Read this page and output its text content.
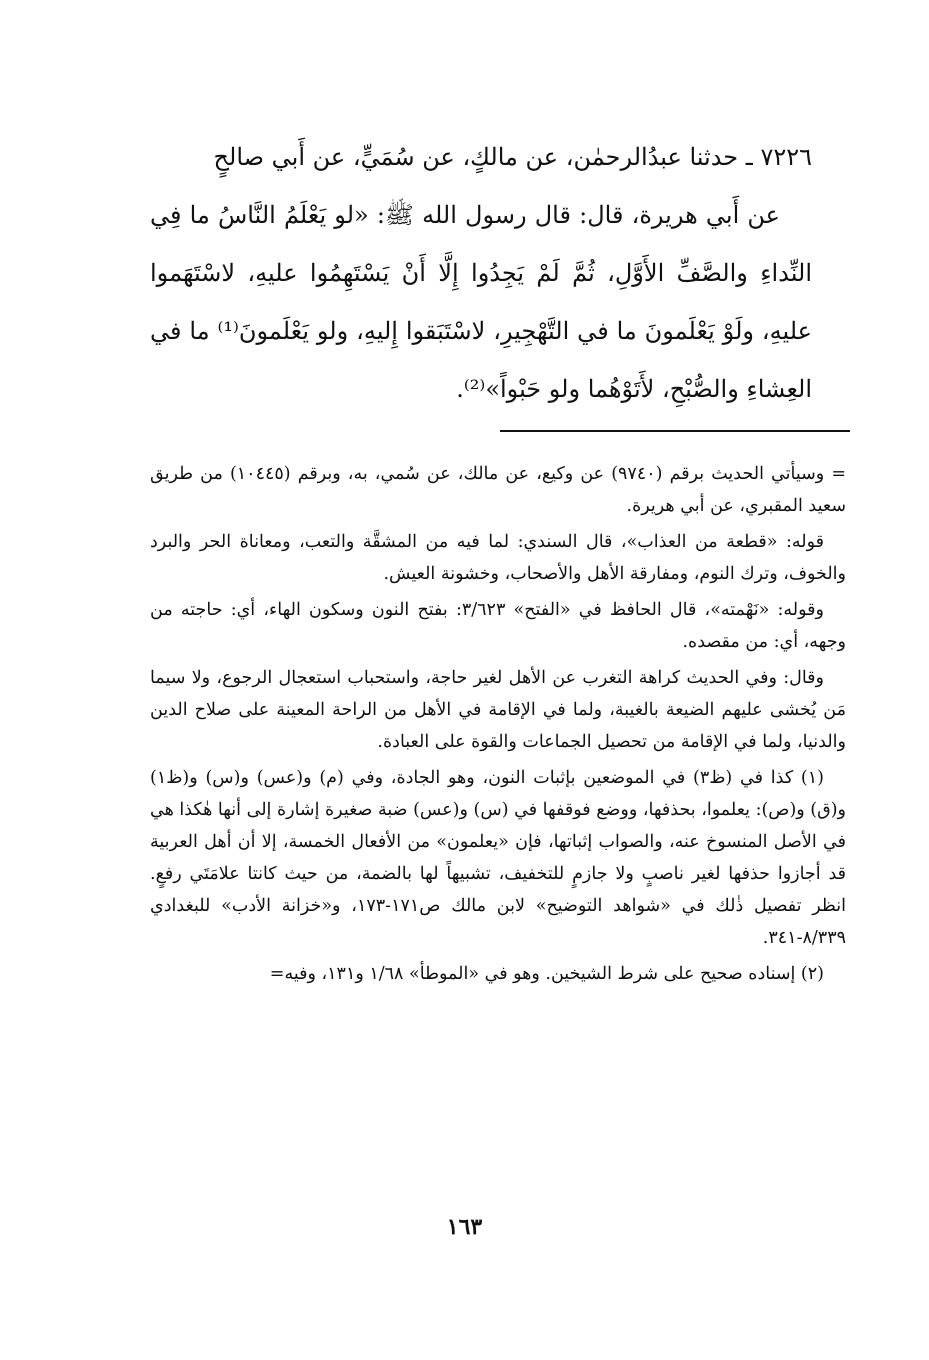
٧٢٢٦ ـ حدثنا عبدُالرحمٰن، عن مالكٍ، عن سُمَيٍّ، عن أَبي صالحٍ

عن أَبي هريرة، قال: قال رسول الله ﷺ: «لو يَعْلَمُ النَّاسُ ما فِي النِّداءِ والصَّفِّ الأَوَّلِ، ثُمَّ لَمْ يَجِدُوا إِلَّا أَنْ يَسْتَهِمُوا عليهِ، لاسْتَهَموا عليهِ، ولَوْ يَعْلَمونَ ما في التَّهْجِيرِ، لاسْتَبَقوا إِليهِ، ولو يَعْلَمونَ⁽¹⁾ ما في العِشاءِ والصُّبْحِ، لأَتَوْهُما ولو حَبْواً»⁽²⁾.

= وسيأتي الحديث برقم (٩٧٤٠) عن وكيع، عن مالك، عن سُمي، به، وبرقم (١٠٤٤٥) من طريق سعيد المقبري، عن أبي هريرة.

قوله: «قطعة من العذاب»، قال السندي: لما فيه من المشقَّة والتعب، ومعاناة الحر والبرد والخوف، وترك النوم، ومفارقة الأهل والأصحاب، وخشونة العيش.

وقوله: «نَهْمته»، قال الحافظ في «الفتح» ٣/٦٢٣: بفتح النون وسكون الهاء، أي: حاجته من وجهه، أي: من مقصده.

وقال: وفي الحديث كراهة التغرب عن الأهل لغير حاجة، واستحباب استعجال الرجوع، ولا سيما مَن يُخشى عليهم الضيعة بالغيبة، ولما في الإقامة في الأهل من الراحة المعينة على صلاح الدين والدنيا، ولما في الإقامة من تحصيل الجماعات والقوة على العبادة.

(١) كذا في (ظ٣) في الموضعين بإثبات النون، وهو الجادة، وفي (م) و(عس) و(س) و(ظ١) و(ق) و(ص): يعلموا، بحذفها، ووضع فوقفها في (س) و(عس) ضبة صغيرة إشارة إلى أنها هٰكذا هي في الأصل المنسوخ عنه، والصواب إثباتها، فإن «يعلمون» من الأفعال الخمسة، إلا أن أهل العربية قد أجازوا حذفها لغير ناصبٍ ولا جازمٍ للتخفيف، تشبيهاً لها بالضمة، من حيث كانتا علامَتَي رفعٍ. انظر تفصيل ذٰلك في «شواهد التوضيح» لابن مالك ص١٧١-١٧٣، و«خزانة الأدب» للبغدادي ٨/٣٣٩-٣٤١.

(٢) إسناده صحيح على شرط الشيخين. وهو في «الموطأ» ١/٦٨ و١٣١، وفيه=

١٦٣
